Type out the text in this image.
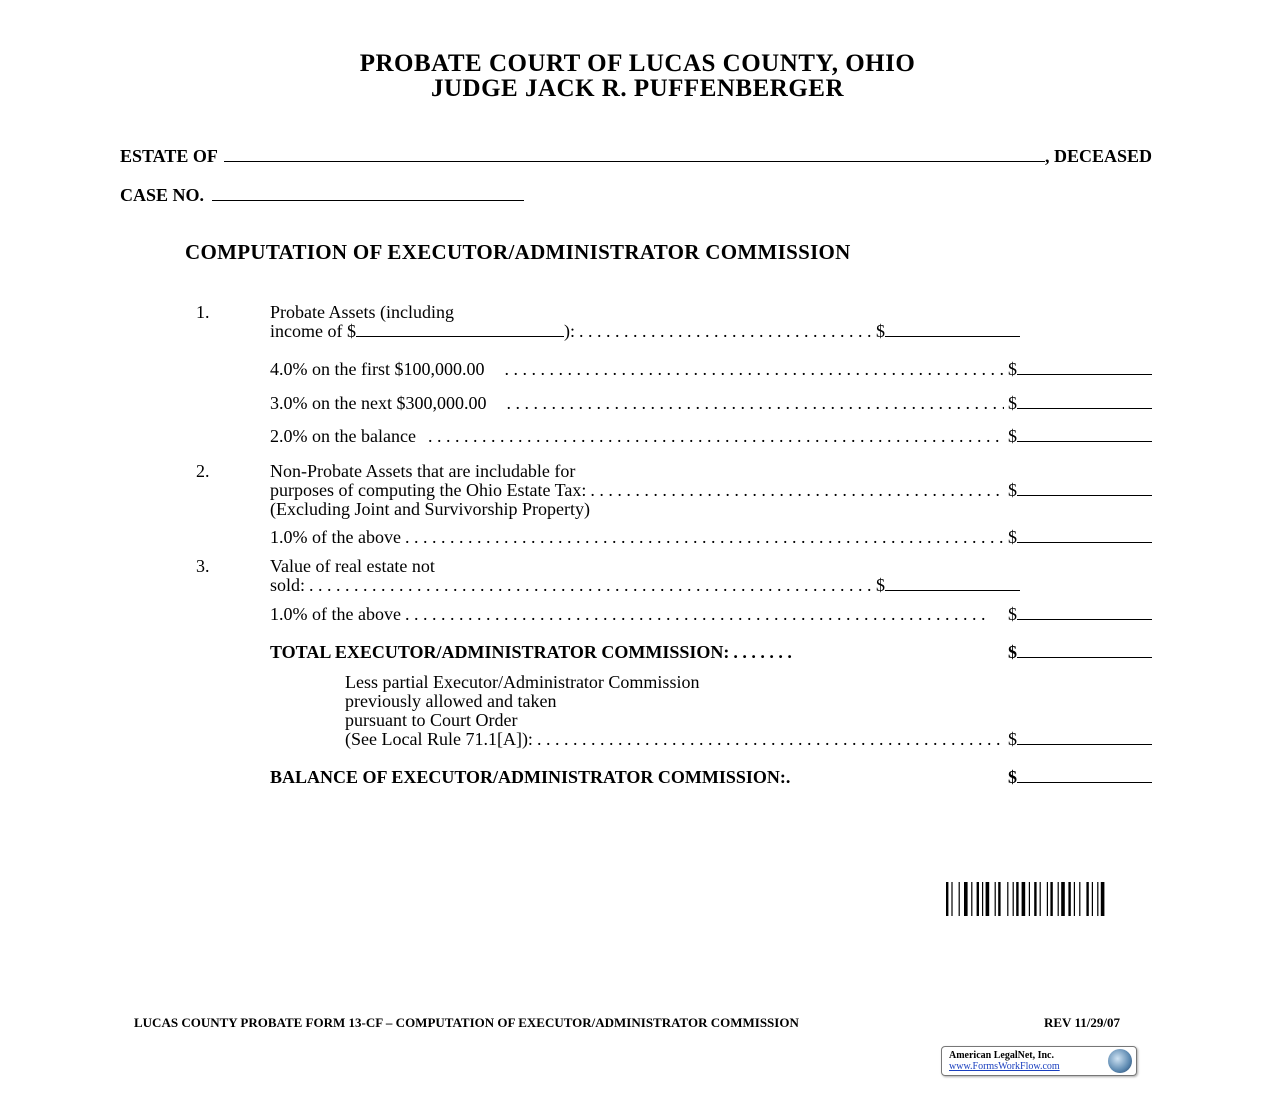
PROBATE COURT OF LUCAS COUNTY, OHIO
JUDGE JACK R. PUFFENBERGER
ESTATE OF	, DECEASED
CASE NO.
COMPUTATION OF EXECUTOR/ADMINISTRATOR COMMISSION
1.	Probate Assets (including
income of $	): . . .	$
4.0% on the first $100,000.00 . . .	$
3.0% on the next $300,000.00 . . .	$
2.0% on the balance . . .	$
2.	Non-Probate Assets that are includable for
purposes of computing the Ohio Estate Tax: . . .	$
(Excluding Joint and Survivorship Property)
1.0% of the above . . .	$
3.	Value of real estate not
sold: . . .	$
1.0% of the above . . .	$
TOTAL EXECUTOR/ADMINISTRATOR COMMISSION: . . .	$
Less partial Executor/Administrator Commission
previously allowed and taken
pursuant to Court Order
(See Local Rule 71.1[A]): . . .	$
BALANCE OF EXECUTOR/ADMINISTRATOR COMMISSION:.	$
LUCAS COUNTY PROBATE FORM 13-CF – COMPUTATION OF EXECUTOR/ADMINISTRATOR COMMISSION	REV 11/29/07
American LegalNet, Inc.
www.FormsWorkFlow.com
